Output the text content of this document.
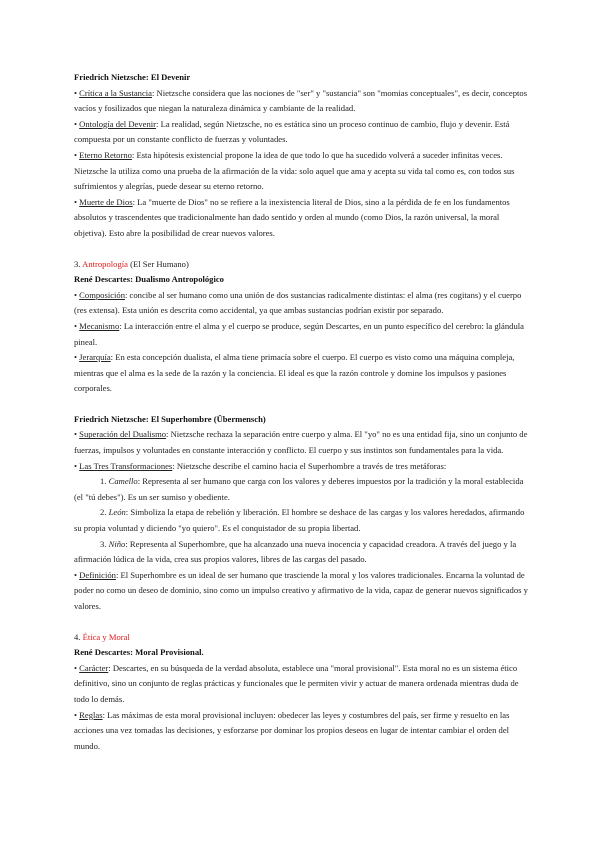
Friedrich Nietzsche: El Devenir

• Crítica a la Sustancia: Nietzsche considera que las nociones de "ser" y "sustancia" son "momias conceptuales", es decir, conceptos vacíos y fosilizados que niegan la naturaleza dinámica y cambiante de la realidad.

• Ontología del Devenir: La realidad, según Nietzsche, no es estática sino un proceso continuo de cambio, flujo y devenir. Está compuesta por un constante conflicto de fuerzas y voluntades.

• Eterno Retorno: Esta hipótesis existencial propone la idea de que todo lo que ha sucedido volverá a suceder infinitas veces. Nietzsche la utiliza como una prueba de la afirmación de la vida: solo aquel que ama y acepta su vida tal como es, con todos sus sufrimientos y alegrías, puede desear su eterno retorno.

• Muerte de Dios: La "muerte de Dios" no se refiere a la inexistencia literal de Dios, sino a la pérdida de fe en los fundamentos absolutos y trascendentes que tradicionalmente han dado sentido y orden al mundo (como Dios, la razón universal, la moral objetiva). Esto abre la posibilidad de crear nuevos valores.

3. Antropología (El Ser Humano)

René Descartes: Dualismo Antropológico

• Composición: concibe al ser humano como una unión de dos sustancias radicalmente distintas: el alma (res cogitans) y el cuerpo (res extensa). Esta unión es descrita como accidental, ya que ambas sustancias podrían existir por separado.

• Mecanismo: La interacción entre el alma y el cuerpo se produce, según Descartes, en un punto específico del cerebro: la glándula pineal.

• Jerarquía: En esta concepción dualista, el alma tiene primacía sobre el cuerpo. El cuerpo es visto como una máquina compleja, mientras que el alma es la sede de la razón y la conciencia. El ideal es que la razón controle y domine los impulsos y pasiones corporales.

Friedrich Nietzsche: El Superhombre (Übermensch)

• Superación del Dualismo: Nietzsche rechaza la separación entre cuerpo y alma. El "yo" no es una entidad fija, sino un conjunto de fuerzas, impulsos y voluntades en constante interacción y conflicto. El cuerpo y sus instintos son fundamentales para la vida.

• Las Tres Transformaciones: Nietzsche describe el camino hacia el Superhombre a través de tres metáforas:

1. Camello: Representa al ser humano que carga con los valores y deberes impuestos por la tradición y la moral establecida (el "tú debes"). Es un ser sumiso y obediente.

2. León: Simboliza la etapa de rebelión y liberación. El hombre se deshace de las cargas y los valores heredados, afirmando su propia voluntad y diciendo "yo quiero". Es el conquistador de su propia libertad.

3. Niño: Representa al Superhombre, que ha alcanzado una nueva inocencia y capacidad creadora. A través del juego y la afirmación lúdica de la vida, crea sus propios valores, libres de las cargas del pasado.

• Definición: El Superhombre es un ideal de ser humano que trasciende la moral y los valores tradicionales. Encarna la voluntad de poder no como un deseo de dominio, sino como un impulso creativo y afirmativo de la vida, capaz de generar nuevos significados y valores.

4. Ética y Moral

René Descartes: Moral Provisional.

• Carácter: Descartes, en su búsqueda de la verdad absoluta, establece una "moral provisional". Esta moral no es un sistema ético definitivo, sino un conjunto de reglas prácticas y funcionales que le permiten vivir y actuar de manera ordenada mientras duda de todo lo demás.

• Reglas: Las máximas de esta moral provisional incluyen: obedecer las leyes y costumbres del país, ser firme y resuelto en las acciones una vez tomadas las decisiones, y esforzarse por dominar los propios deseos en lugar de intentar cambiar el orden del mundo.
